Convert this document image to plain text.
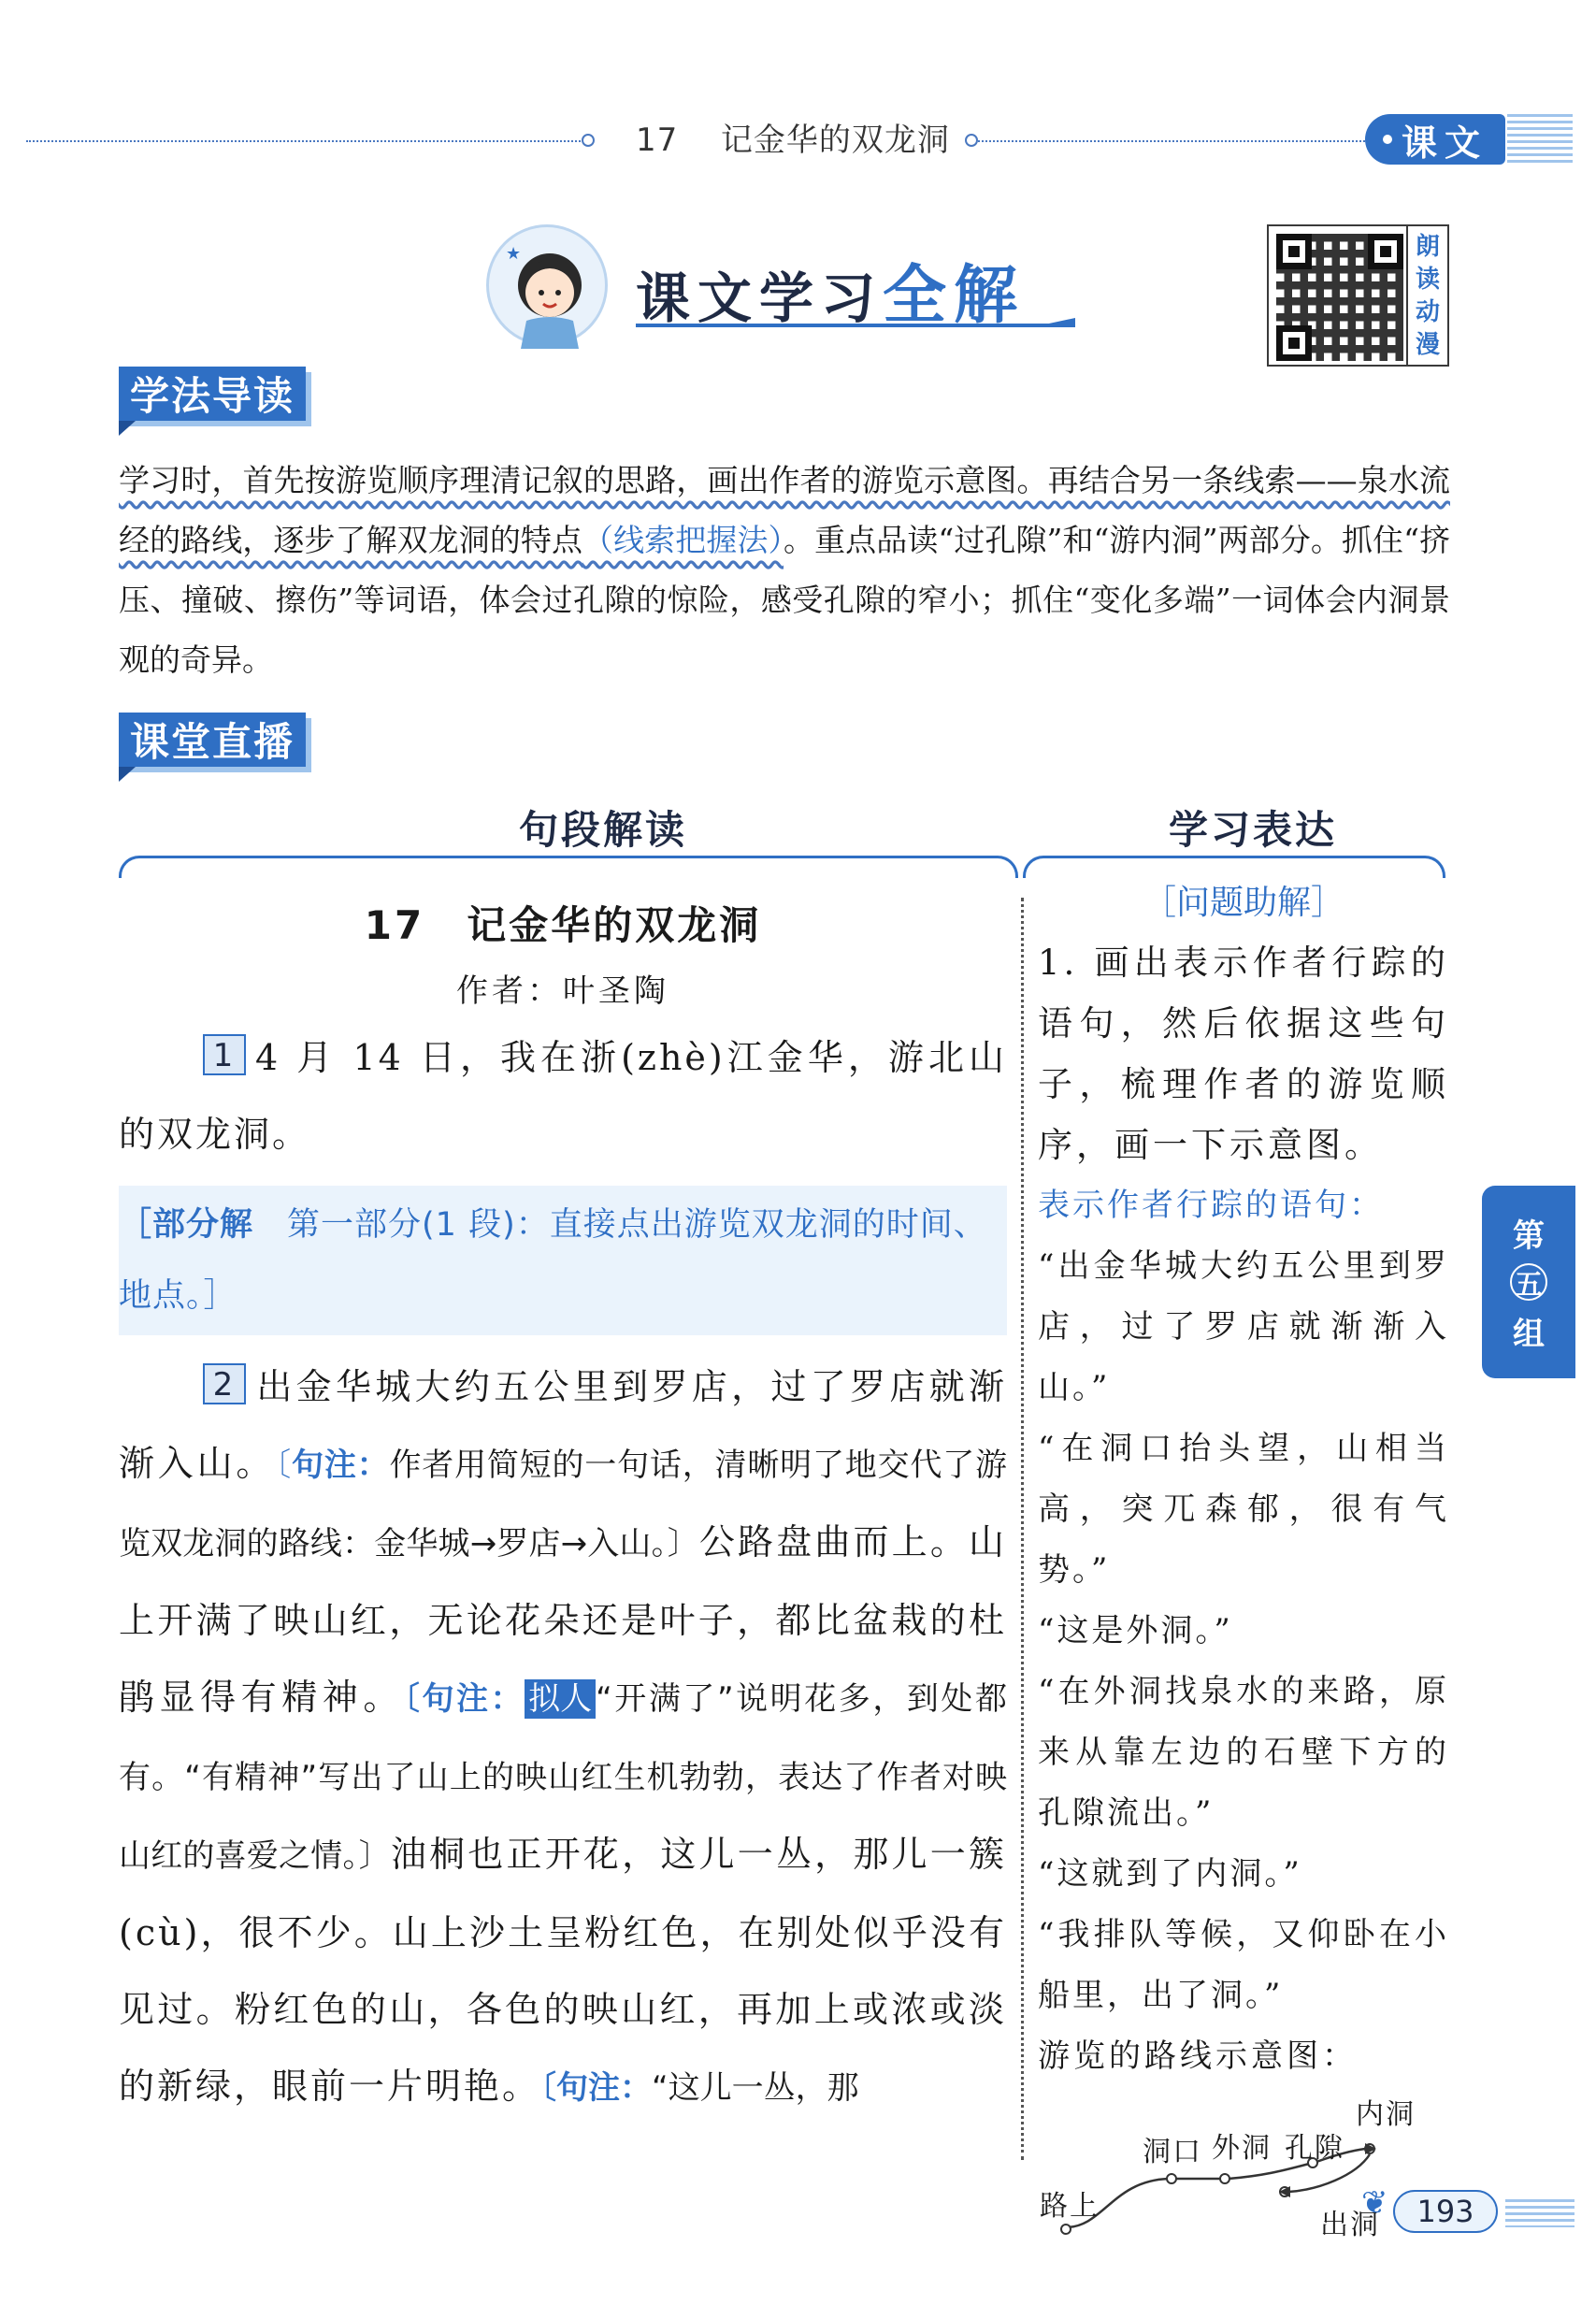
17 记金华的双龙洞	课文
★
课文学习全解
朗
读
动
漫
学法导读
学习时，首先按游览顺序理清记叙的思路，画出作者的游览示意图。再结合另一条线索——泉水流经的路线，逐步了解双龙洞的特点（线索把握法）。重点品读“过孔隙”和“游内洞”两部分。抓住“挤压、撞破、擦伤”等词语，体会过孔隙的惊险，感受孔隙的窄小；抓住“变化多端”一词体会内洞景观的奇异。
课堂直播
句段解读	学习表达
17　记金华的双龙洞
作者：叶圣陶
1 4 月 14 日，我在浙(zhè)江金华，游北山的双龙洞。
［部分解　第一部分(1 段)：直接点出游览双龙洞的时间、地点。］
2 出金华城大约五公里到罗店，过了罗店就渐渐入山。〔句注：作者用简短的一句话，清晰明了地交代了游览双龙洞的路线：金华城→罗店→入山。〕公路盘曲而上。山上开满了映山红，无论花朵还是叶子，都比盆栽的杜鹃显得有精神。〔句注： 拟人 “开满了”说明花多，到处都有。“有精神”写出了山上的映山红生机勃勃，表达了作者对映山红的喜爱之情。〕油桐也正开花，这儿一丛，那儿一簇(cù)，很不少。山上沙土呈粉红色，在别处似乎没有见过。粉红色的山，各色的映山红，再加上或浓或淡的新绿，眼前一片明艳。〔句注：“这儿一丛，那
［问题助解］
1. 画出表示作者行踪的语句，然后依据这些句子，梳理作者的游览顺序，画一下示意图。
表示作者行踪的语句：
“出金华城大约五公里到罗店，过了罗店就渐渐入山。”
“在洞口抬头望，山相当高，突兀森郁，很有气势。”
“这是外洞。”
“在外洞找泉水的来路，原来从靠左边的石壁下方的孔隙流出。”
“这就到了内洞。”
“我排队等候，又仰卧在小船里，出了洞。”
游览的路线示意图：
路上
洞口 外洞 孔隙
内洞
出洞
第
五
组
❦ 193
